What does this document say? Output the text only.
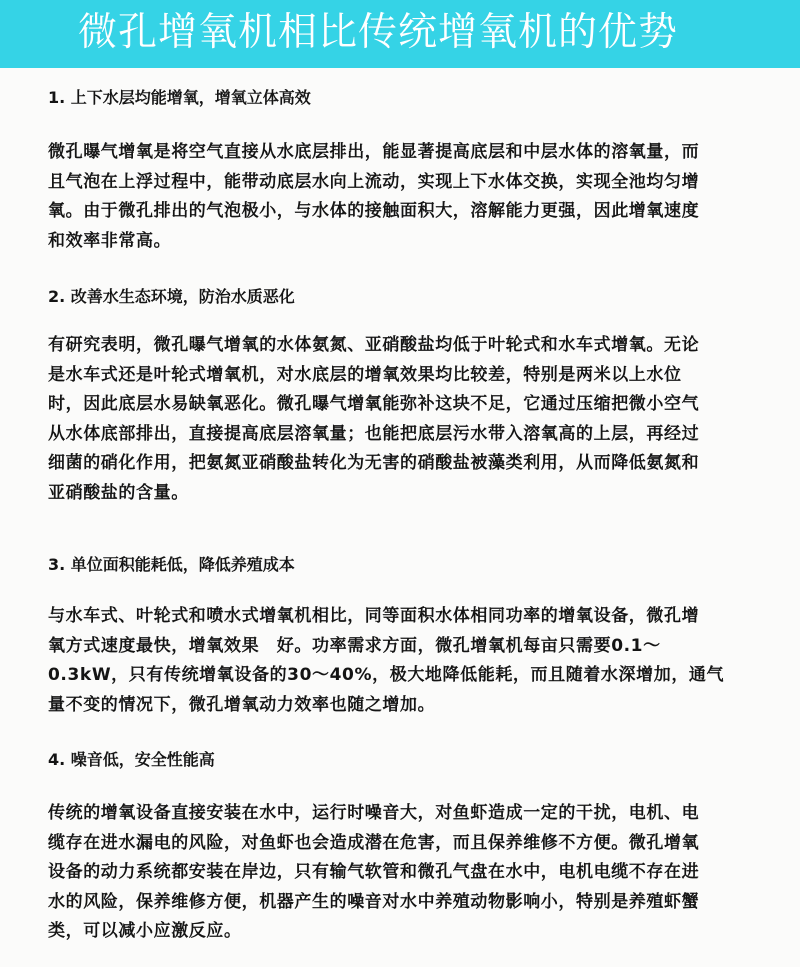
微孔增氧机相比传统增氧机的优势
1. 上下水层均能增氧，增氧立体高效
微孔曝气增氧是将空气直接从水底层排出，能显著提高底层和中层水体的溶氧量，而
且气泡在上浮过程中，能带动底层水向上流动，实现上下水体交换，实现全池均匀增
氧。由于微孔排出的气泡极小，与水体的接触面积大，溶解能力更强，因此增氧速度
和效率非常高。
2. 改善水生态环境，防治水质恶化
有研究表明，微孔曝气增氧的水体氨氮、亚硝酸盐均低于叶轮式和水车式增氧。无论
是水车式还是叶轮式增氧机，对水底层的增氧效果均比较差，特别是两米以上水位
时，因此底层水易缺氧恶化。微孔曝气增氧能弥补这块不足，它通过压缩把微小空气
从水体底部排出，直接提高底层溶氧量；也能把底层污水带入溶氧高的上层，再经过
细菌的硝化作用，把氨氮亚硝酸盐转化为无害的硝酸盐被藻类利用，从而降低氨氮和
亚硝酸盐的含量。
3. 单位面积能耗低，降低养殖成本
与水车式、叶轮式和喷水式增氧机相比，同等面积水体相同功率的增氧设备，微孔增
氧方式速度最快，增氧效果　好。功率需求方面，微孔增氧机每亩只需要0.1～
0.3kW，只有传统增氧设备的30～40%，极大地降低能耗，而且随着水深增加，通气
量不变的情况下，微孔增氧动力效率也随之增加。
4. 噪音低，安全性能高
传统的增氧设备直接安装在水中，运行时噪音大，对鱼虾造成一定的干扰，电机、电
缆存在进水漏电的风险，对鱼虾也会造成潜在危害，而且保养维修不方便。微孔增氧
设备的动力系统都安装在岸边，只有输气软管和微孔气盘在水中，电机电缆不存在进
水的风险，保养维修方便，机器产生的噪音对水中养殖动物影响小，特别是养殖虾蟹
类，可以减小应激反应。
